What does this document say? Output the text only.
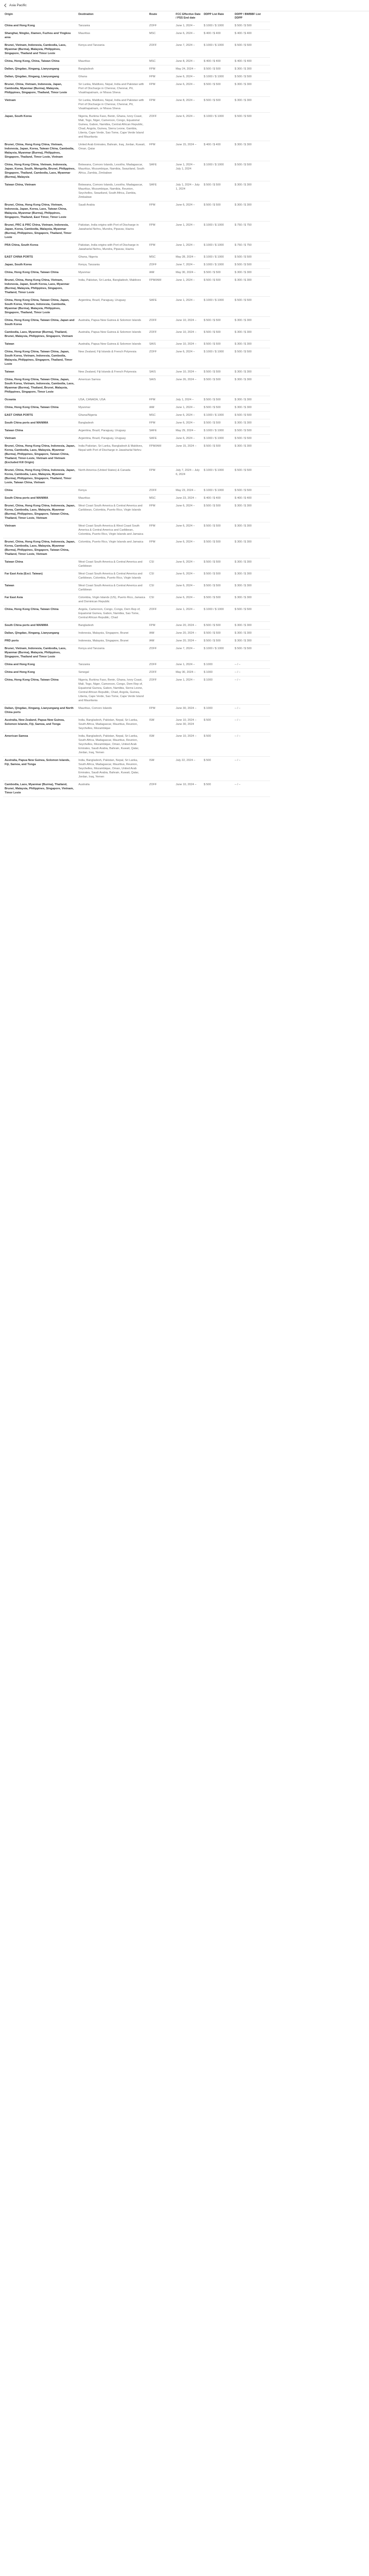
Asia Pacific
Origin	Destination	Route	FCC Effective Date / PSS End date	DDPP List Rate	DDPP / BWBBF List DDPP
China and Hong Kong	Tanzania	ZOFF	June 1, 2024 –	$ 1000 / $ 1000	$ 500 / $ 500
Shanghai, Ningbo, Xiamen, Fuzhou and Yingkou area	Mauritius	MSC	June 6, 2024 –	$ 400 / $ 400	$ 400 / $ 400
Brunei, Vietnam, Indonesia, Cambodia, Laos, Myanmar (Burma), Malaysia, Philippines, Singapore, Thailand and Timor Leste	Kenya and Tanzania	ZOFF	June 7, 2024 –	$ 1000 / $ 1000	$ 500 / $ 500
China, Hong Kong, China, Taiwan China	Mauritius	MSC	June 8, 2024 –	$ 400 / $ 400	$ 400 / $ 400
Dalian, Qingdao, Xingang, Lianyungang	Bangladesh	FPM	May 24, 2024 –	$ 500 / $ 500	$ 300 / $ 300
Dalian, Qingdao, Xingang, Lianyungang	Ghana	FPM	June 6, 2024 –	$ 1000 / $ 1000	$ 500 / $ 500
Brunei, China, Vietnam, Indonesia, Japan, Cambodia, Myanmar (Burma), Malaysia, Philippines, Singapore, Thailand, Timor Leste	Sri Lanka, Maldives, Nepal, India and Pakistan with Port of Discharge in Chennai, Chennai, Pit, Visakhapatnam, or Nhava Sheva	FPM	June 6, 2024 –	$ 500 / $ 500	$ 300 / $ 300
Vietnam	Sri Lanka, Maldives, Nepal, India and Pakistan with Port of Discharge in Chennai, Chennai, Pit, Visakhapatnam, or Nhava Sheva	FPM	June 8, 2024 –	$ 500 / $ 500	$ 300 / $ 300
Japan, South Korea	Nigeria, Burkina Faso, Benin, Ghana, Ivory Coast, Mali, Togo, Niger, Cameroon, Congo, Equatorial Guinea, Gabon, Namibia, Central African Republic, Chad, Angola, Guinea, Sierra Leone, Gambia, Liberia, Cape Verde, Sao Tome, Cape Verde Island and Mauritania	ZOFF	June 6, 2024 –	$ 1000 / $ 1000	$ 500 / $ 500
Brunei, China, Hong Kong China, Vietnam, Indonesia, Japan, Korea, Taiwan China, Cambodia, Malaysia, Myanmar (Burma), Philippines, Singapore, Thailand, Timor Leste, Vietnam	United Arab Emirates, Bahrain, Iraq, Jordan, Kuwait, Oman, Qatar	FPM	June 15, 2024 –	$ 400 / $ 400	$ 300 / $ 300
China, Hong Kong China, Vietnam, Indonesia, Japan, Korea, South, Mongolia, Brunei, Philippines, Singapore, Thailand, Cambodia, Laos, Myanmar (Burma), Malaysia	Botswana, Comoro Islands, Lesotho, Madagascar, Mauritius, Mozambique, Namibia, Swaziland, South Africa, Zambia, Zimbabwe	SAFE	June 1, 2024 – July 1, 2024	$ 1000 / $ 1000	$ 500 / $ 500
Taiwan China, Vietnam	Botswana, Comoro Islands, Lesotho, Madagascar, Mauritius, Mozambique, Namibia, Reunion, Seychelles, Swaziland, South Africa, Zambia, Zimbabwe	SAFE	July 1, 2024 – July 1, 2024	$ 500 / $ 500	$ 300 / $ 300
Brunei, China, Hong Kong China, Vietnam, Indonesia, Japan, Korea, Laos, Taiwan China, Malaysia, Myanmar (Burma), Philippines, Singapore, Thailand, East Timor, Timor Leste	Saudi Arabia	FPM	June 6, 2024 –	$ 500 / $ 500	$ 300 / $ 300
Brunei, PRC & PRC China, Vietnam, Indonesia, Japan, Korea, Cambodia, Malaysia, Myanmar (Burma), Philippines, Singapore, Thailand, Timor Leste	Pakistan, India origins with Port of Discharge in Jawaharlal Nehru, Mundra, Pipavav, Hazira	FPM	June 1, 2024 –	$ 1000 / $ 1000	$ 750 / $ 750
PRA China, South Korea	Pakistan, India origins with Port of Discharge in Jawaharlal Nehru, Mundra, Pipavav, Hazira	FPM	June 1, 2024 –	$ 1000 / $ 1000	$ 750 / $ 750
EAST CHINA PORTS	Ghana, Nigeria	MSC	May 28, 2024 –	$ 1000 / $ 1000	$ 500 / $ 500
Japan, South Korea	Kenya, Tanzania	ZOFF	June 7, 2024 –	$ 1000 / $ 1000	$ 500 / $ 500
China, Hong Kong China, Taiwan China	Myanmar	IAM	May 30, 2024 –	$ 500 / $ 500	$ 300 / $ 300
Brunei, China, Hong Kong China, Vietnam, Indonesia, Japan, South Korea, Laos, Myanmar (Burma), Malaysia, Philippines, Singapore, Thailand, Timor Leste	India, Pakistan, Sri Lanka, Bangladesh, Maldives	FPM/IAM	June 1, 2024 –	$ 500 / $ 500	$ 300 / $ 300
China, Hong Kong China, Taiwan China, Japan, South Korea, Vietnam, Indonesia, Cambodia, Myanmar (Burma), Malaysia, Philippines, Singapore, Thailand, Timor Leste	Argentina, Brazil, Paraguay, Uruguay	SAFE	June 1, 2024 –	$ 1000 / $ 1000	$ 500 / $ 500
China, Hong Kong China, Taiwan China, Japan and South Korea	Australia, Papua New Guinea & Solomon Islands	ZOFF	June 10, 2024 –	$ 500 / $ 500	$ 300 / $ 300
Cambodia, Laos, Myanmar (Burma), Thailand, Brunei, Malaysia, Philippines, Singapore, Vietnam	Australia, Papua New Guinea & Solomon Islands	ZOFF	June 10, 2024 –	$ 500 / $ 500	$ 300 / $ 300
Taiwan	Australia, Papua New Guinea & Solomon Islands	SAIS	June 10, 2024 –	$ 500 / $ 500	$ 300 / $ 300
China, Hong Kong China, Taiwan China, Japan, South Korea, Vietnam, Indonesia, Cambodia, Malaysia, Philippines, Singapore, Thailand, Timor Leste	New Zealand, Fiji Islands & French Polynesia	ZOFF	June 6, 2024 –	$ 1000 / $ 1000	$ 500 / $ 500
Taiwan	New Zealand, Fiji Islands & French Polynesia	SAIS	June 10, 2024 –	$ 500 / $ 500	$ 300 / $ 300
China, Hong Kong China, Taiwan China, Japan, South Korea, Vietnam, Indonesia, Cambodia, Laos, Myanmar (Burma), Thailand, Brunei, Malaysia, Philippines, Singapore, Timor Leste	American Samoa	SAIS	June 26, 2024 –	$ 500 / $ 500	$ 300 / $ 300
Oceania	USA, CANADA, USA	FPM	July 1, 2024 –	$ 500 / $ 500	$ 300 / $ 300
China, Hong Kong China, Taiwan China	Myanmar	IAM	June 1, 2024 –	$ 500 / $ 500	$ 300 / $ 300
EAST CHINA PORTS	Ghana/Nigeria	MSC	June 6, 2024 –	$ 1000 / $ 1000	$ 500 / $ 500
South China ports and MANIMA	Bangladesh	FPM	June 6, 2024 –	$ 500 / $ 500	$ 300 / $ 300
Taiwan China	Argentina, Brazil, Paraguay, Uruguay	SAFE	May 29, 2024 –	$ 1000 / $ 1000	$ 500 / $ 500
Vietnam	Argentina, Brazil, Paraguay, Uruguay	SAFE	June 6, 2024 –	$ 1000 / $ 1000	$ 500 / $ 500
Brunei, China, Hong Kong China, Indonesia, Japan, Korea, Cambodia, Laos, Malaysia, Myanmar (Burma), Philippines, Singapore, Taiwan China, Thailand, Timor-Leste, Vietnam and Vietnam (Excluded Kill Origin)	India Pakistan, Sri Lanka, Bangladesh & Maldives, Nepal with Port of Discharge in Jawaharlal Nehru	FPM/IAM	June 15, 2024 –	$ 500 / $ 500	$ 300 / $ 300
Brunei, China, Hong Kong China, Indonesia, Japan, Korea, Cambodia, Laos, Malaysia, Myanmar (Burma), Philippines, Singapore, Thailand, Timor Leste, Taiwan China, Vietnam	North America (United States) & Canada	FPM	July 7, 2024 – July 6, 2024	$ 1000 / $ 1000	$ 500 / $ 500
China	Kenya	ZOFF	May 23, 2024 –	$ 1000 / $ 1000	$ 500 / $ 500
South China ports and MANIMA	Mauritius	MSC	June 23, 2024 –	$ 400 / $ 400	$ 400 / $ 400
Brunei, China, Hong Kong China, Indonesia, Japan, Korea, Cambodia, Laos, Malaysia, Myanmar (Burma), Philippines, Singapore, Taiwan China, Thailand, Timor Leste, Vietnam	West Coast South America & Central America and Caribbean, Colombia, Puerto Rico, Virgin Islands	FPM	June 6, 2024 –	$ 500 / $ 500	$ 300 / $ 300
Vietnam	West Coast South America & West Coast South America & Central America and Caribbean, Colombia, Puerto Rico, Virgin Islands and Jamaica	FPM	June 6, 2024 –	$ 500 / $ 500	$ 300 / $ 300
Brunei, China, Hong Kong China, Indonesia, Japan, Korea, Cambodia, Laos, Malaysia, Myanmar (Burma), Philippines, Singapore, Taiwan China, Thailand, Timor Leste, Vietnam	Colombia, Puerto Rico, Virgin Islands and Jamaica	FPM	June 6, 2024 –	$ 500 / $ 500	$ 300 / $ 300
Taiwan China	West Coast South America & Central America and Caribbean	CSI	June 6, 2024 –	$ 500 / $ 500	$ 300 / $ 300
Far East Asia (Excl. Taiwan)	West Coast South America & Central America and Caribbean, Colombia, Puerto Rico, Virgin Islands	CSI	June 6, 2024 –	$ 500 / $ 500	$ 300 / $ 300
Taiwan	West Coast South America & Central America and Caribbean	CSI	June 6, 2024 –	$ 500 / $ 500	$ 300 / $ 300
Far East Asia	Colombia, Virgin Islands (US), Puerto Rico, Jamaica and Dominican Republic	CSI	June 6, 2024 –	$ 500 / $ 500	$ 300 / $ 300
China, Hong Kong China, Taiwan China	Angola, Cameroon, Congo, Congo, Dem Rep of, Equatorial Guinea, Gabon, Namibia, Sao Tome, Central African Republic, Chad	ZOFF	June 1, 2024 –	$ 1000 / $ 1000	$ 500 / $ 500
South China ports and MANIMA	Bangladesh	FPM	June 20, 2024 –	$ 500 / $ 500	$ 300 / $ 300
Dalian, Qingdao, Xingang, Lianyungang	Indonesia, Malaysia, Singapore, Brunei	IAM	June 20, 2024 –	$ 500 / $ 500	$ 300 / $ 300
PRD ports	Indonesia, Malaysia, Singapore, Brunei	IAM	June 20, 2024 –	$ 500 / $ 500	$ 300 / $ 300
Brunei, Vietnam, Indonesia, Cambodia, Laos, Myanmar (Burma), Malaysia, Philippines, Singapore, Thailand and Timor Leste	Kenya and Tanzania	ZOFF	June 7, 2024 –	$ 1000 / $ 1000	$ 500 / $ 500
China and Hong Kong	Tanzania	ZOFF	June 1, 2024 –	$ 1000	– / –
China and Hong Kong	Senegal	ZOFF	May 30, 2024 –	$ 1000	– / –
China, Hong Kong China, Taiwan China	Nigeria, Burkina Faso, Benin, Ghana, Ivory Coast, Mali, Togo, Niger, Cameroon, Congo, Dem Rep of, Equatorial Guinea, Gabon, Namibia, Sierra Leone, Central African Republic, Chad, Angola, Guinea, Liberia, Cape Verde, Sao Tome, Cape Verde Island and Mauritania	ZOFF	June 1, 2024 –	$ 1000	– / –
Dalian, Qingdao, Xingang, Lianyungang and North China ports	Mauritius, Comoro Islands	FPM	June 30, 2024 –	$ 1000	– / –
Australia, New Zealand, Papua New Guinea, Solomon Islands, Fiji, Samoa, and Tonga	India, Bangladesh, Pakistan, Nepal, Sri Lanka, South Africa, Madagascar, Mauritius, Reunion, Seychelles, Mozambique	ISM	June 10, 2024 – June 30, 2024	$ 500	– / –
American Samoa	India, Bangladesh, Pakistan, Nepal, Sri Lanka, South Africa, Madagascar, Mauritius, Reunion, Seychelles, Mozambique, Oman, United Arab Emirates, Saudi Arabia, Bahrain, Kuwait, Qatar, Jordan, Iraq, Yemen	ISM	June 10, 2024 –	$ 500	– / –
Australia, Papua New Guinea, Solomon Islands, Fiji, Samoa, and Tonga	India, Bangladesh, Pakistan, Nepal, Sri Lanka, South Africa, Madagascar, Mauritius, Reunion, Seychelles, Mozambique, Oman, United Arab Emirates, Saudi Arabia, Bahrain, Kuwait, Qatar, Jordan, Iraq, Yemen	ISM	July 22, 2024 –	$ 500	– / –
Cambodia, Laos, Myanmar (Burma), Thailand, Brunei, Malaysia, Philippines, Singapore, Vietnam, Timor Leste	Australia	ZOFF	June 10, 2024 –	$ 500	– / –
